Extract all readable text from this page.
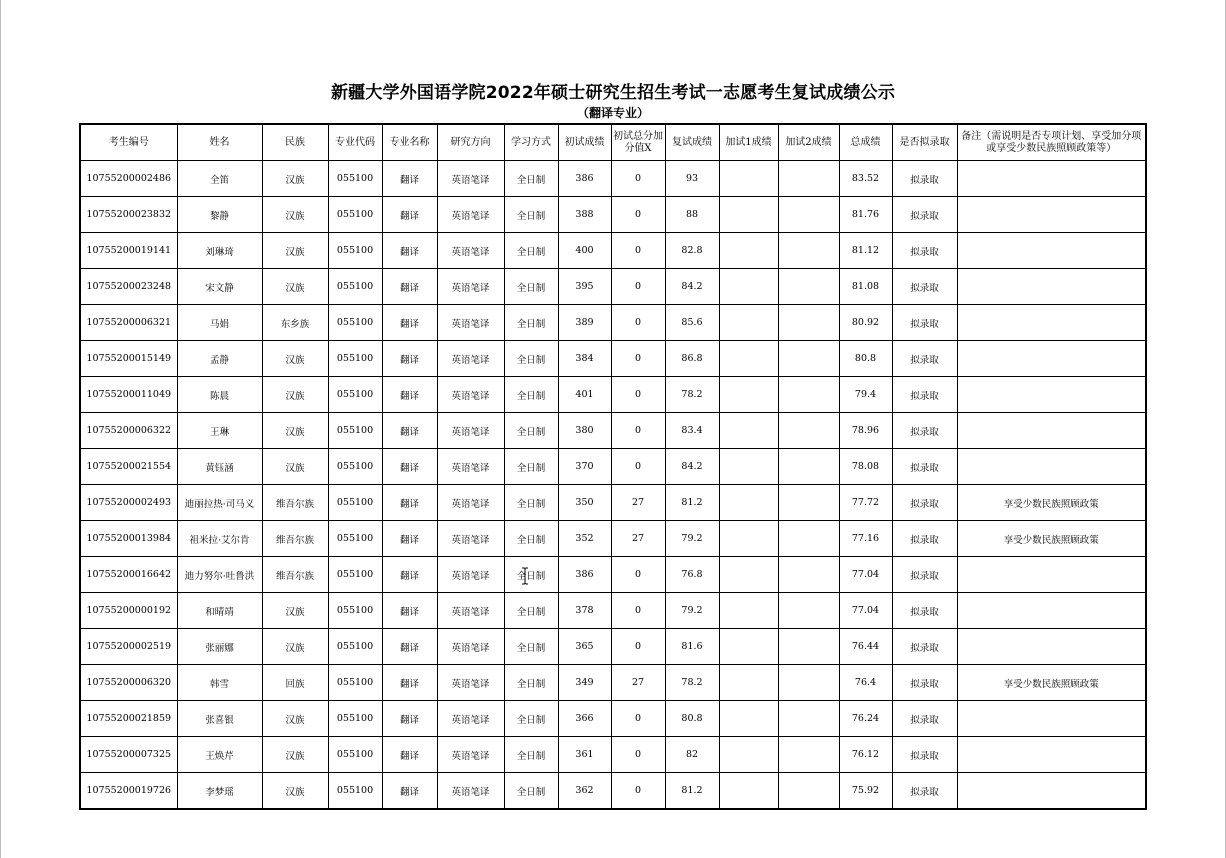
新疆大学外国语学院2022年硕士研究生招生考试一志愿考生复试成绩公示
（翻译专业）
考生编号	姓名	民族	专业代码	专业名称	研究方向	学习方式	初试成绩	初试总分加分值X	复试成绩	加试1成绩	加试2成绩	总成绩	是否拟录取	备注（需说明是否专项计划、享受加分项或享受少数民族照顾政策等）
10755200002486	全笛	汉族	055100	翻译	英语笔译	全日制	386	0	93			83.52	拟录取	
10755200023832	黎静	汉族	055100	翻译	英语笔译	全日制	388	0	88			81.76	拟录取	
10755200019141	刘琳琦	汉族	055100	翻译	英语笔译	全日制	400	0	82.8			81.12	拟录取	
10755200023248	宋文静	汉族	055100	翻译	英语笔译	全日制	395	0	84.2			81.08	拟录取	
10755200006321	马娟	东乡族	055100	翻译	英语笔译	全日制	389	0	85.6			80.92	拟录取	
10755200015149	孟静	汉族	055100	翻译	英语笔译	全日制	384	0	86.8			80.8	拟录取	
10755200011049	陈晨	汉族	055100	翻译	英语笔译	全日制	401	0	78.2			79.4	拟录取	
10755200006322	王琳	汉族	055100	翻译	英语笔译	全日制	380	0	83.4			78.96	拟录取	
10755200021554	黄钰涵	汉族	055100	翻译	英语笔译	全日制	370	0	84.2			78.08	拟录取	
10755200002493	迪丽拉热·司马义	维吾尔族	055100	翻译	英语笔译	全日制	350	27	81.2			77.72	拟录取	享受少数民族照顾政策
10755200013984	祖米拉·艾尔肯	维吾尔族	055100	翻译	英语笔译	全日制	352	27	79.2			77.16	拟录取	享受少数民族照顾政策
10755200016642	迪力努尔·吐鲁洪	维吾尔族	055100	翻译	英语笔译	全日制	386	0	76.8			77.04	拟录取	
10755200000192	和晴靖	汉族	055100	翻译	英语笔译	全日制	378	0	79.2			77.04	拟录取	
10755200002519	张丽娜	汉族	055100	翻译	英语笔译	全日制	365	0	81.6			76.44	拟录取	
10755200006320	韩雪	回族	055100	翻译	英语笔译	全日制	349	27	78.2			76.4	拟录取	享受少数民族照顾政策
10755200021859	张喜银	汉族	055100	翻译	英语笔译	全日制	366	0	80.8			76.24	拟录取	
10755200007325	王焕芹	汉族	055100	翻译	英语笔译	全日制	361	0	82			76.12	拟录取	
10755200019726	李梦瑶	汉族	055100	翻译	英语笔译	全日制	362	0	81.2			75.92	拟录取	
